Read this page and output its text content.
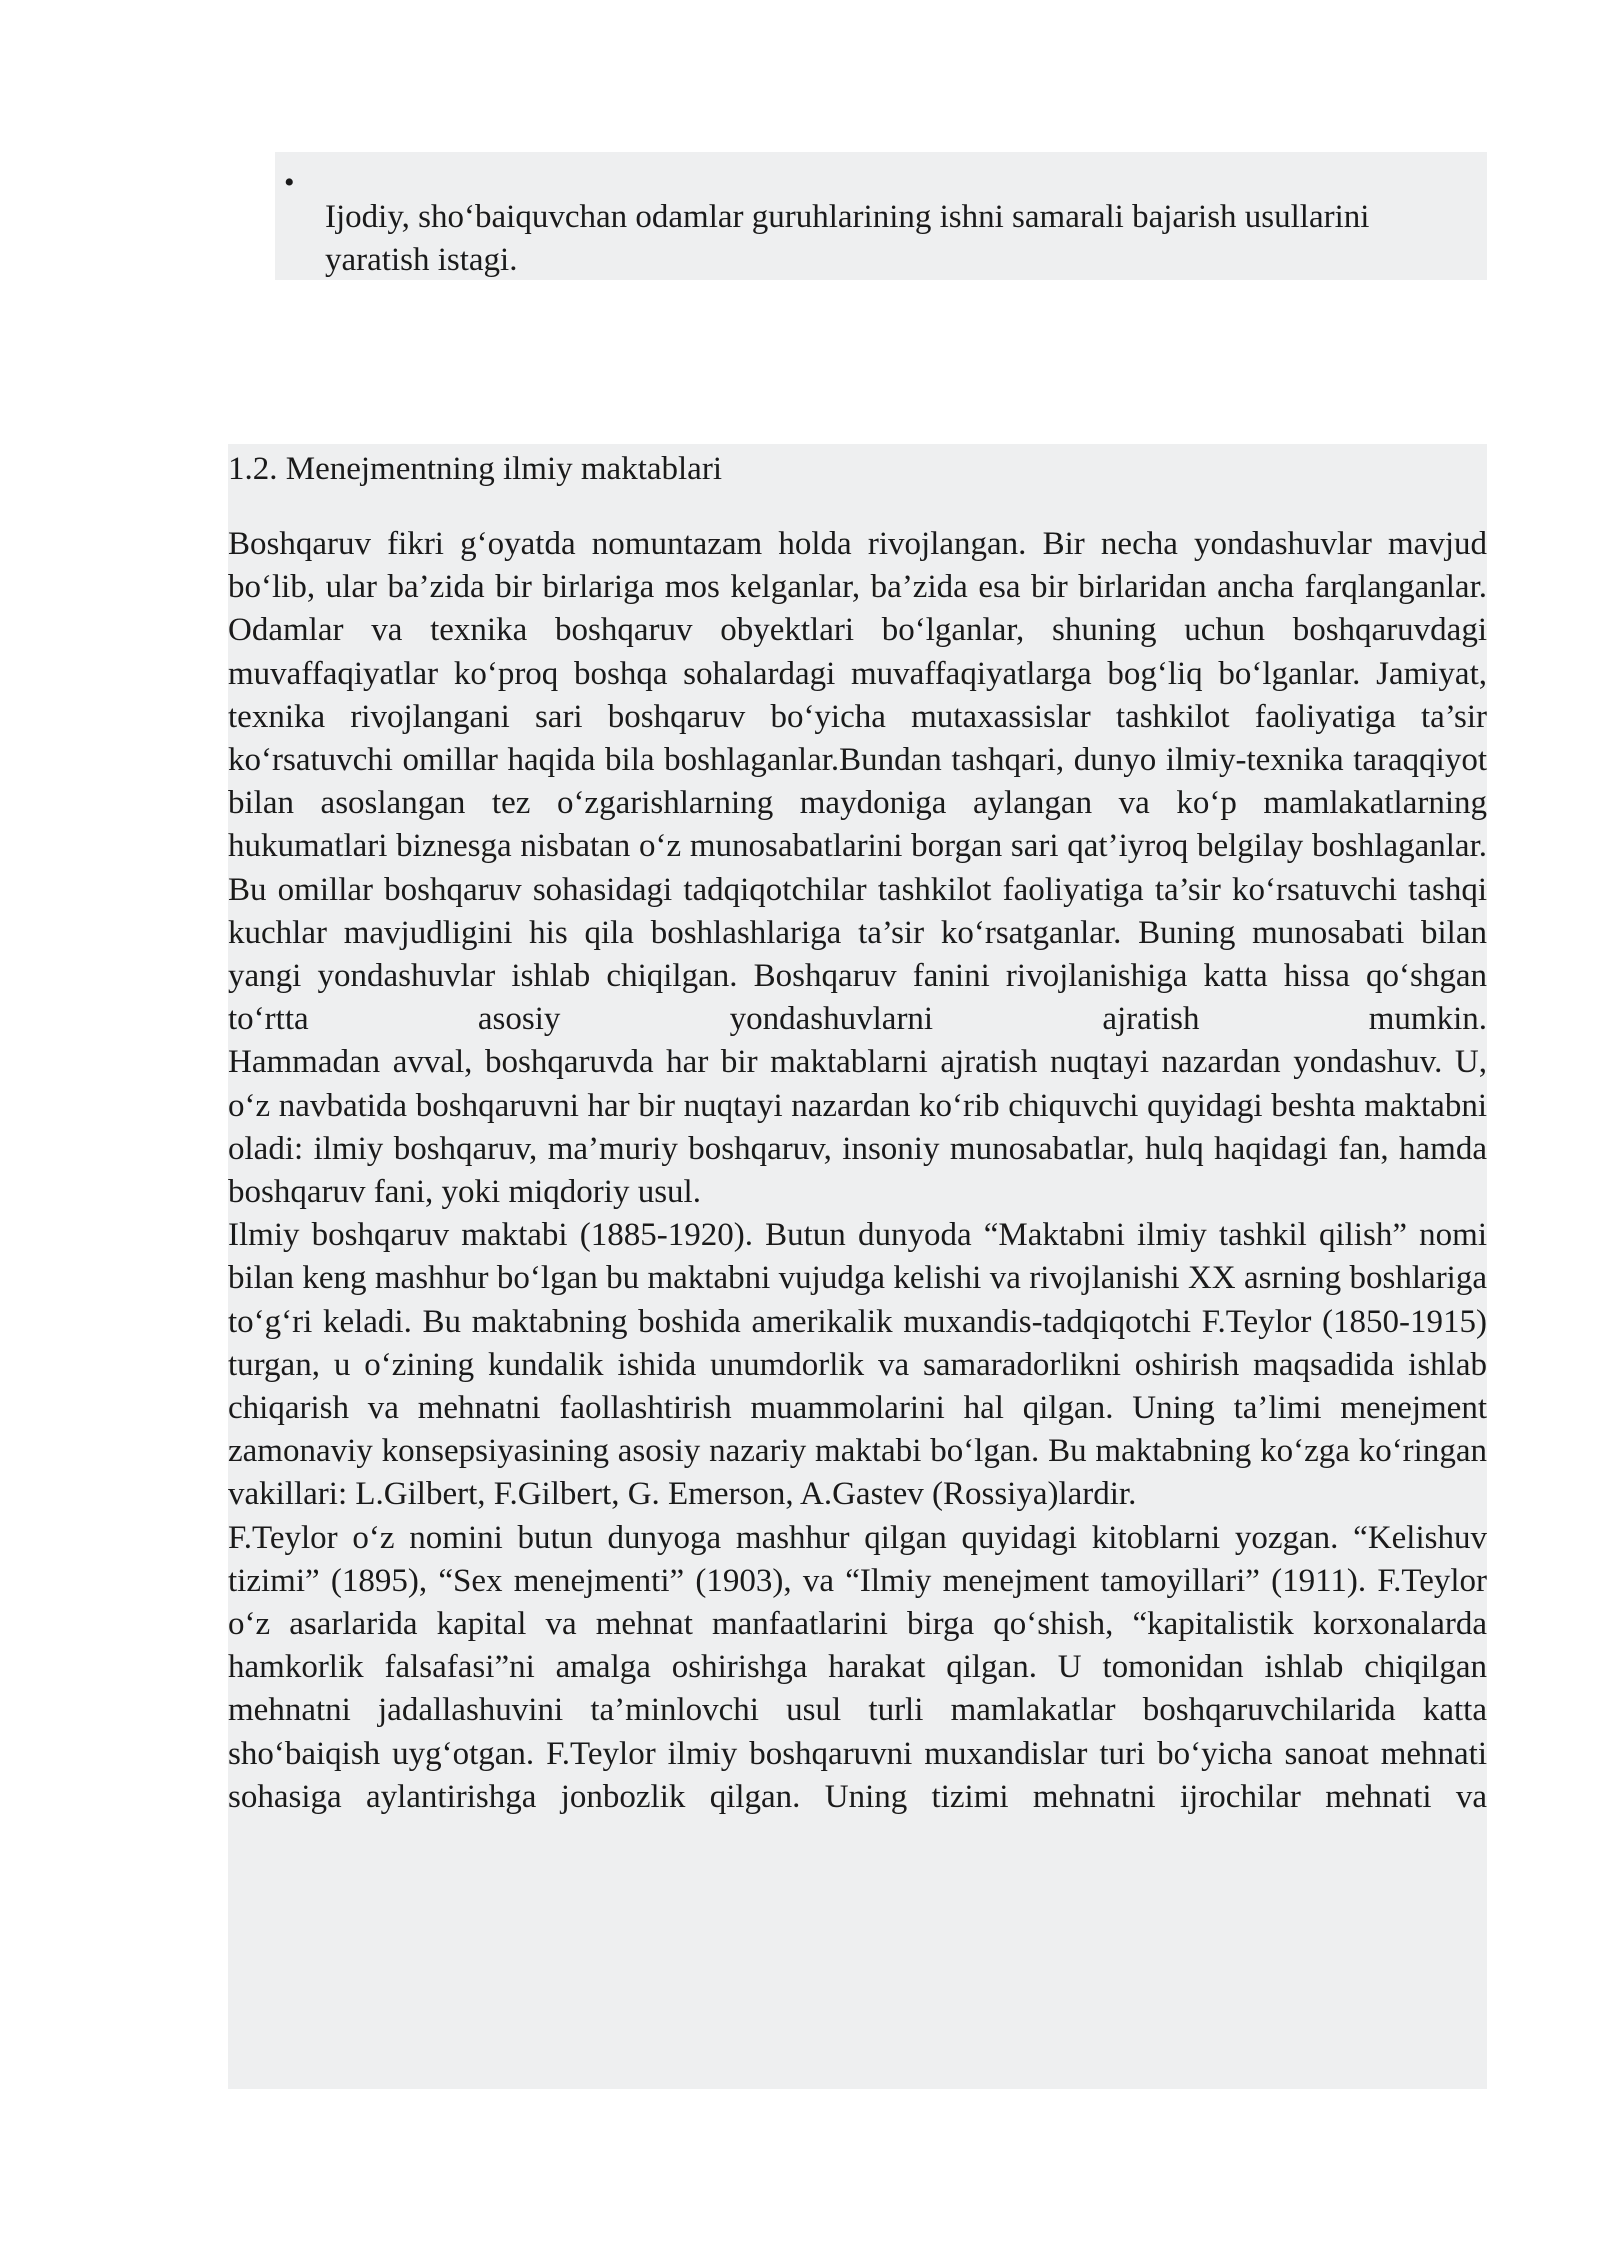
•

Ijodiy, sho‘baiquvchan odamlar guruhlarining ishni samarali bajarish usullarini yaratish istagi.

1.2. Menejmentning ilmiy maktablari

Boshqaruv fikri g‘oyatda nomuntazam holda rivojlangan. Bir necha yondashuvlar mavjud bo‘lib, ular ba’zida bir birlariga mos kelganlar, ba’zida esa bir birlaridan ancha farqlanganlar. Odamlar va texnika boshqaruv obyektlari bo‘lganlar, shuning uchun boshqaruvdagi muvaffaqiyatlar ko‘proq boshqa sohalardagi muvaffaqiyatlarga bog‘liq bo‘lganlar. Jamiyat, texnika rivojlangani sari boshqaruv bo‘yicha mutaxassislar tashkilot faoliyatiga ta’sir ko‘rsatuvchi omillar haqida bila boshlaganlar.Bundan tashqari, dunyo ilmiy-texnika taraqqiyot bilan asoslangan tez o‘zgarishlarning maydoniga aylangan va ko‘p mamlakatlarning hukumatlari biznesga nisbatan o‘z munosabatlarini borgan sari qat’iyroq belgilay boshlaganlar. Bu omillar boshqaruv sohasidagi tadqiqotchilar tashkilot faoliyatiga ta’sir ko‘rsatuvchi tashqi kuchlar mavjudligini his qila boshlashlariga ta’sir ko‘rsatganlar. Buning munosabati bilan yangi yondashuvlar ishlab chiqilgan. Boshqaruv fanini rivojlanishiga katta hissa qo‘shgan to‘rtta asosiy yondashuvlarni ajratish mumkin.

Hammadan avval, boshqaruvda har bir maktablarni ajratish nuqtayi nazardan yondashuv. U, o‘z navbatida boshqaruvni har bir nuqtayi nazardan ko‘rib chiquvchi quyidagi beshta maktabni oladi: ilmiy boshqaruv, ma’muriy boshqaruv, insoniy munosabatlar, hulq haqidagi fan, hamda boshqaruv fani, yoki miqdoriy usul.

Ilmiy boshqaruv maktabi (1885-1920). Butun dunyoda “Maktabni ilmiy tashkil qilish” nomi bilan keng mashhur bo‘lgan bu maktabni vujudga kelishi va rivojlanishi XX asrning boshlariga to‘g‘ri keladi. Bu maktabning boshida amerikalik muxandis-tadqiqotchi F.Teylor (1850-1915) turgan, u o‘zining kundalik ishida unumdorlik va samaradorlikni oshirish maqsadida ishlab chiqarish va mehnatni faollashtirish muammolarini hal qilgan. Uning ta’limi menejment zamonaviy konsepsiyasining asosiy nazariy maktabi bo‘lgan. Bu maktabning ko‘zga ko‘ringan vakillari: L.Gilbert, F.Gilbert, G. Emerson, A.Gastev (Rossiya)lardir.

F.Teylor o‘z nomini butun dunyoga mashhur qilgan quyidagi kitoblarni yozgan. “Kelishuv tizimi” (1895), “Sex menejmenti” (1903), va “Ilmiy menejment tamoyillari” (1911). F.Teylor o‘z asarlarida kapital va mehnat manfaatlarini birga qo‘shish, “kapitalistik korxonalarda hamkorlik falsafasi”ni amalga oshirishga harakat qilgan. U tomonidan ishlab chiqilgan mehnatni jadallashuvini ta’minlovchi usul turli mamlakatlar boshqaruvchilarida katta sho‘baiqish uyg‘otgan. F.Teylor ilmiy boshqaruvni muxandislar turi bo‘yicha sanoat mehnati sohasiga aylantirishga jonbozlik qilgan. Uning tizimi mehnatni ijrochilar mehnati va
